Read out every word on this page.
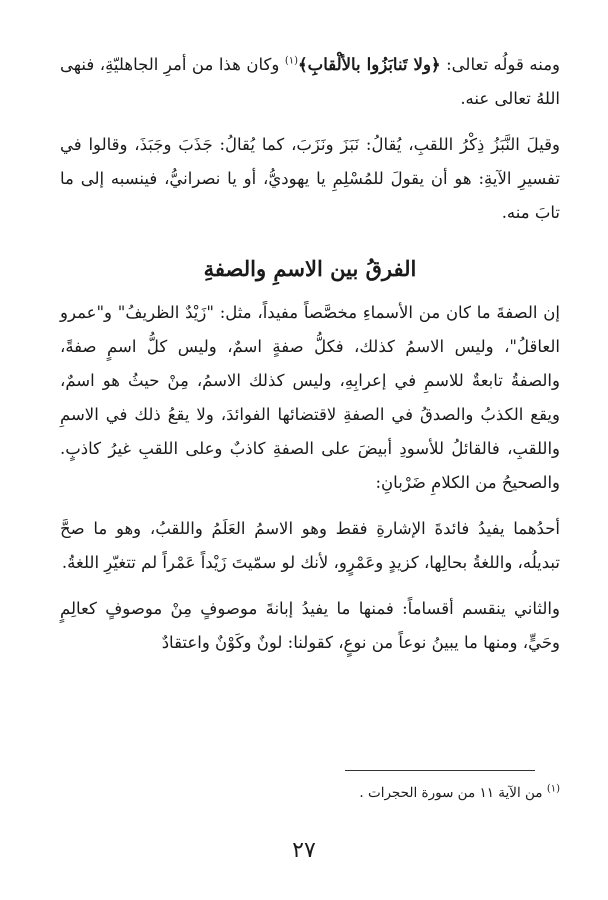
ومنه قولُه تعالى: ﴿ولا تَنابَزُوا بالألْقابِ﴾$^{(١)}$ وكان هذا من أمرِ الجاهليّةِ، فنهى اللهُ تعالى عنه.

وقيلَ النَّبَزُ ذِكْرُ اللقبِ، يُقالُ: نَبَزَ ونَزَبَ، كما يُقالُ: جَذَبَ وجَبَذَ، وقالوا في تفسيرِ الآيةِ: هو أن يقولَ للمُسْلِمِ يا يهوديُّ، أو يا نصرانيُّ، فينسبه إلى ما تابَ منه.

الفرقُ بين الاسمِ والصفةِ

إن الصفةَ ما كان من الأسماءِ مخصَّصاً مفيداً، مثل: "زَيْدٌ الظريفُ" و"عمرو العاقلُ"، وليس الاسمُ كذلك، فكلُّ صفةٍ اسمٌ، وليس كلُّ اسمٍ صفةً، والصفةُ تابعةٌ للاسمِ في إعرابِهِ، وليس كذلك الاسمُ، مِنْ حيثُ هو اسمٌ، ويقع الكذبُ والصدقُ في الصفةِ لاقتضائها الفوائدَ، ولا يقعُ ذلك في الاسمِ واللقبِ، فالقائلُ للأسودِ أبيضَ على الصفةِ كاذبٌ وعلى اللقبِ غيرُ كاذبٍ. والصحيحُ من الكلامِ ضَرْبانِ:

أحدُهما يفيدُ فائدةَ الإشارةِ فقط وهو الاسمُ العَلَمُ واللقبُ، وهو ما صحَّ تبديلُه، واللغةُ بحالِها، كزيدٍ وعَمْرٍو، لأنك لو سمّيتَ زَيْداً عَمْراً لم تتغيّرِ اللغةُ.

والثاني ينقسم أقساماً: فمنها ما يفيدُ إبانةَ موصوفٍ مِنْ موصوفٍ كعالِمٍ وحَيٍّ، ومنها ما يبينُ نوعاً من نوعٍ، كقولنا: لونٌ وكَوْنٌ واعتقادٌ

$^{(١)}$ من الآية ١١ من سورة الحجرات .
٢٧
